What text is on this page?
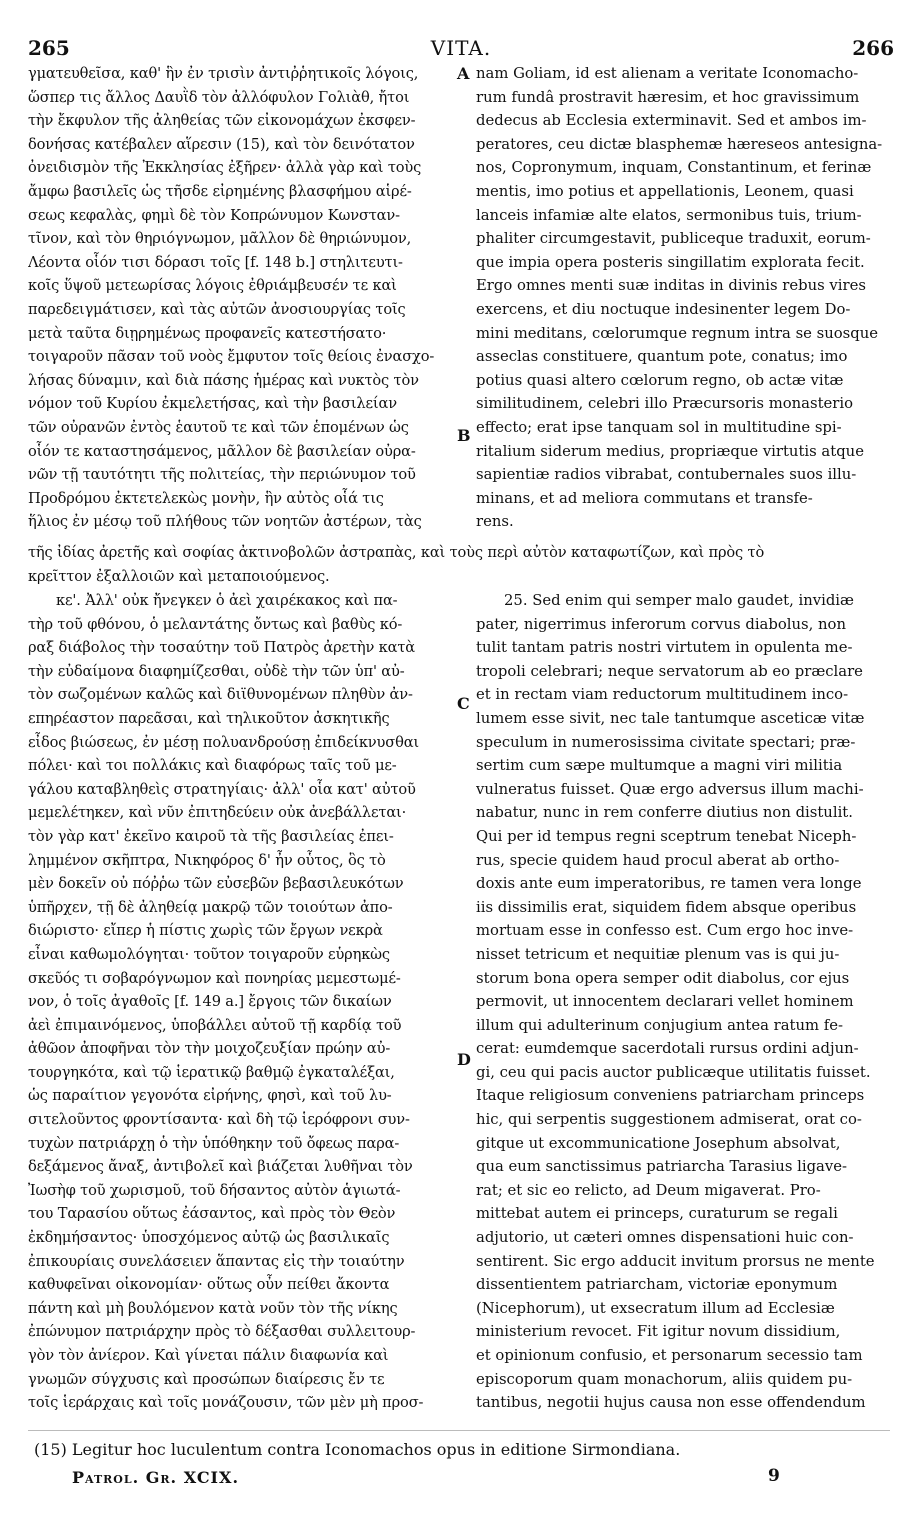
265	VITA.	266
γματευθεῖσα, καθ' ἣν ἐν τρισὶν ἀντιῤῥητικοῖς λόγοις,
ὥσπερ τις ἄλλος Δαυῒδ τὸν ἀλλόφυλον Γολιὰθ, ἤτοι
τὴν ἔκφυλον τῆς ἀληθείας τῶν εἰκονομάχων ἐκσφεν-
δονήσας κατέβαλεν αἵρεσιν (15), καὶ τὸν δεινότατον
ὀνειδισμὸν τῆς Ἐκκλησίας ἐξῆρεν· ἀλλὰ γὰρ καὶ τοὺς
ἄμφω βασιλεῖς ὡς τῆσδε εἰρημένης βλασφήμου αἱρέ-
σεως κεφαλὰς, φημὶ δὲ τὸν Κοπρώνυμον Κωνσταν-
τῖνον, καὶ τὸν θηριόγνωμον, μᾶλλον δὲ θηριώνυμον,
Λέοντα οἷόν τισι δόρασι τοῖς [f. 148 b.] στηλιτευτι-
κοῖς ὕψοῦ μετεωρίσας λόγοις ἐθριάμβευσέν τε καὶ
παρεδειγμάτισεν, καὶ τὰς αὐτῶν ἀνοσιουργίας τοῖς
μετὰ ταῦτα διῃρημένως προφανεῖς κατεστήσατο·
τοιγαροῦν πᾶσαν τοῦ νοὸς ἔμφυτον τοῖς θείοις ἐνασχο-
λήσας δύναμιν, καὶ διὰ πάσης ἡμέρας καὶ νυκτὸς τὸν
νόμον τοῦ Κυρίου ἐκμελετήσας, καὶ τὴν βασιλείαν
τῶν οὐρανῶν ἐντὸς ἑαυτοῦ τε καὶ τῶν ἑπομένων ὡς
οἷόν τε καταστησάμενος, μᾶλλον δὲ βασιλείαν οὐρα-
νῶν τῇ ταυτότητι τῆς πολιτείας, τὴν περιώνυμον τοῦ
Προδρόμου ἐκτετελεκὼς μονὴν, ἣν αὐτὸς οἷά τις
ἥλιος ἐν μέσῳ τοῦ πλήθους τῶν νοητῶν ἀστέρων, τὰς
nam Goliam, id est alienam a veritate Iconomacho-
rum fundâ prostravit hæresim, et hoc gravissimum
dedecus ab Ecclesia exterminavit. Sed et ambos im-
peratores, ceu dictæ blasphemæ hæreseos antesigna-
nos, Copronymum, inquam, Constantinum, et ferinæ
mentis, imo potius et appellationis, Leonem, quasi
lanceis infamiæ alte elatos, sermonibus tuis, trium-
phaliter circumgestavit, publiceque traduxit, eorum-
que impia opera posteris singillatim explorata fecit.
Ergo omnes menti suæ inditas in divinis rebus vires
exercens, et diu noctuque indesinenter legem Do-
mini meditans, cœlorumque regnum intra se suosque
asseclas constituere, quantum pote, conatus; imo
potius quasi altero cœlorum regno, ob actæ vitæ
similitudinem, celebri illo Præcursoris monasterio
effecto; erat ipse tanquam sol in multitudine spi-
ritalium siderum medius, propriæque virtutis atque
sapientiæ radios vibrabat, contubernales suos illu-
minans, et ad meliora commutans et transfe-
rens.
τῆς ἰδίας ἀρετῆς καὶ σοφίας ἀκτινοβολῶν ἀστραπὰς, καὶ τοὺς περὶ αὐτὸν καταφωτίζων, καὶ πρὸς τὸ
κρεῖττον ἐξαλλοιῶν καὶ μεταποιούμενος.
κε'. Ἀλλ' οὐκ ἤνεγκεν ὁ ἀεὶ χαιρέκακος καὶ πα-
τὴρ τοῦ φθόνου, ὁ μελαντάτης ὄντως καὶ βαθὺς κό-
ραξ διάβολος τὴν τοσαύτην τοῦ Πατρὸς ἀρετὴν κατὰ
τὴν εὐδαίμονα διαφημίζεσθαι, οὐδὲ τὴν τῶν ὑπ' αὐ-
τὸν σωζομένων καλῶς καὶ διϊθυνομένων πληθὺν ἀν-
επηρέαστον παρεᾶσαι, καὶ τηλικοῦτον ἀσκητικῆς
εἶδος βιώσεως, ἐν μέσῃ πολυανδρούσῃ ἐπιδείκνυσθαι
πόλει· καὶ τοι πολλάκις καὶ διαφόρως ταῖς τοῦ με-
γάλου καταβληθεὶς στρατηγίαις· ἀλλ' οἷα κατ' αὐτοῦ
μεμελέτηκεν, καὶ νῦν ἐπιτηδεύειν οὐκ ἀνεβάλλεται·
τὸν γὰρ κατ' ἐκεῖνο καιροῦ τὰ τῆς βασιλείας ἐπει-
λημμένον σκῆπτρα, Νικηφόρος δ' ἦν οὗτος, ὃς τὸ
μὲν δοκεῖν οὐ πόῤῥω τῶν εὐσεβῶν βεβασιλευκότων
ὑπῆρχεν, τῇ δὲ ἀληθείᾳ μακρῷ τῶν τοιούτων ἀπο-
διώριστο· εἴπερ ἡ πίστις χωρὶς τῶν ἔργων νεκρὰ
εἶναι καθωμολόγηται· τοῦτον τοιγαροῦν εὑρηκὼς
σκεῦός τι σοβαρόγνωμον καὶ πονηρίας μεμεστωμέ-
νον, ὁ τοῖς ἀγαθοῖς [f. 149 a.] ἔργοις τῶν δικαίων
ἀεὶ ἐπιμαινόμενος, ὑποβάλλει αὐτοῦ τῇ καρδίᾳ τοῦ
ἀθῶον ἀποφῆναι τὸν τὴν μοιχοζευξίαν πρώην αὐ-
τουργηκότα, καὶ τῷ ἱερατικῷ βαθμῷ ἐγκαταλέξαι,
ὡς παραίτιον γεγονότα εἰρήνης, φησὶ, καὶ τοῦ λυ-
σιτελοῦντος φροντίσαντα· καὶ δὴ τῷ ἱερόφρονι συν-
τυχὼν πατριάρχῃ ὁ τὴν ὑπόθηκην τοῦ ὄφεως παρα-
δεξάμενος ἄναξ, ἀντιβολεῖ καὶ βιάζεται λυθῆναι τὸν
Ἰωσὴφ τοῦ χωρισμοῦ, τοῦ δήσαντος αὐτὸν ἁγιωτά-
του Ταρασίου οὕτως ἐάσαντος, καὶ πρὸς τὸν Θεὸν
ἐκδημήσαντος· ὑποσχόμενος αὐτῷ ὡς βασιλικαῖς
ἐπικουρίαις συνελάσειεν ἅπαντας εἰς τὴν τοιαύτην
καθυφεῖναι οἰκονομίαν· οὕτως οὖν πείθει ἄκοντα
πάντη καὶ μὴ βουλόμενον κατὰ νοῦν τὸν τῆς νίκης
ἐπώνυμον πατριάρχην πρὸς τὸ δέξασθαι συλλειτουρ-
γὸν τὸν ἀνίερον. Καὶ γίνεται πάλιν διαφωνία καὶ
γνωμῶν σύγχυσις καὶ προσώπων διαίρεσις ἔν τε
τοῖς ἱεράρχαις καὶ τοῖς μονάζουσιν, τῶν μὲν μὴ προσ-
25. Sed enim qui semper malo gaudet, invidiæ
pater, nigerrimus inferorum corvus diabolus, non
tulit tantam patris nostri virtutem in opulenta me-
tropoli celebrari; neque servatorum ab eo præclare
et in rectam viam reductorum multitudinem inco-
lumem esse sivit, nec tale tantumque asceticæ vitæ
speculum in numerosissima civitate spectari; præ-
sertim cum sæpe multumque a magni viri militia
vulneratus fuisset. Quæ ergo adversus illum machi-
nabatur, nunc in rem conferre diutius non distulit.
Qui per id tempus regni sceptrum tenebat Niceph-
rus, specie quidem haud procul aberat ab ortho-
doxis ante eum imperatoribus, re tamen vera longe
iis dissimilis erat, siquidem fidem absque operibus
mortuam esse in confesso est. Cum ergo hoc inve-
nisset tetricum et nequitiæ plenum vas is qui ju-
storum bona opera semper odit diabolus, cor ejus
permovit, ut innocentem declarari vellet hominem
illum qui adulterinum conjugium antea ratum fe-
cerat: eumdemque sacerdotali rursus ordini adjun-
gi, ceu qui pacis auctor publicæque utilitatis fuisset.
Itaque religiosum conveniens patriarcham princeps
hic, qui serpentis suggestionem admiserat, orat co-
gitque ut excommunicatione Josephum absolvat,
qua eum sanctissimus patriarcha Tarasius ligave-
rat; et sic eo relicto, ad Deum migaverat. Pro-
mittebat autem ei princeps, curaturum se regali
adjutorio, ut cæteri omnes dispensationi huic con-
sentirent. Sic ergo adducit invitum prorsus ne mente
dissentientem patriarcham, victoriæ eponymum
(Nicephorum), ut exsecratum illum ad Ecclesiæ
ministerium revocet. Fit igitur novum dissidium,
et opinionum confusio, et personarum secessio tam
episcoporum quam monachorum, aliis quidem pu-
tantibus, negotii hujus causa non esse offendendum
A
B
C
D
(15) Legitur hoc luculentum contra Iconomachos opus in editione Sirmondiana.
Patrol. Gr. XCIX.	9
